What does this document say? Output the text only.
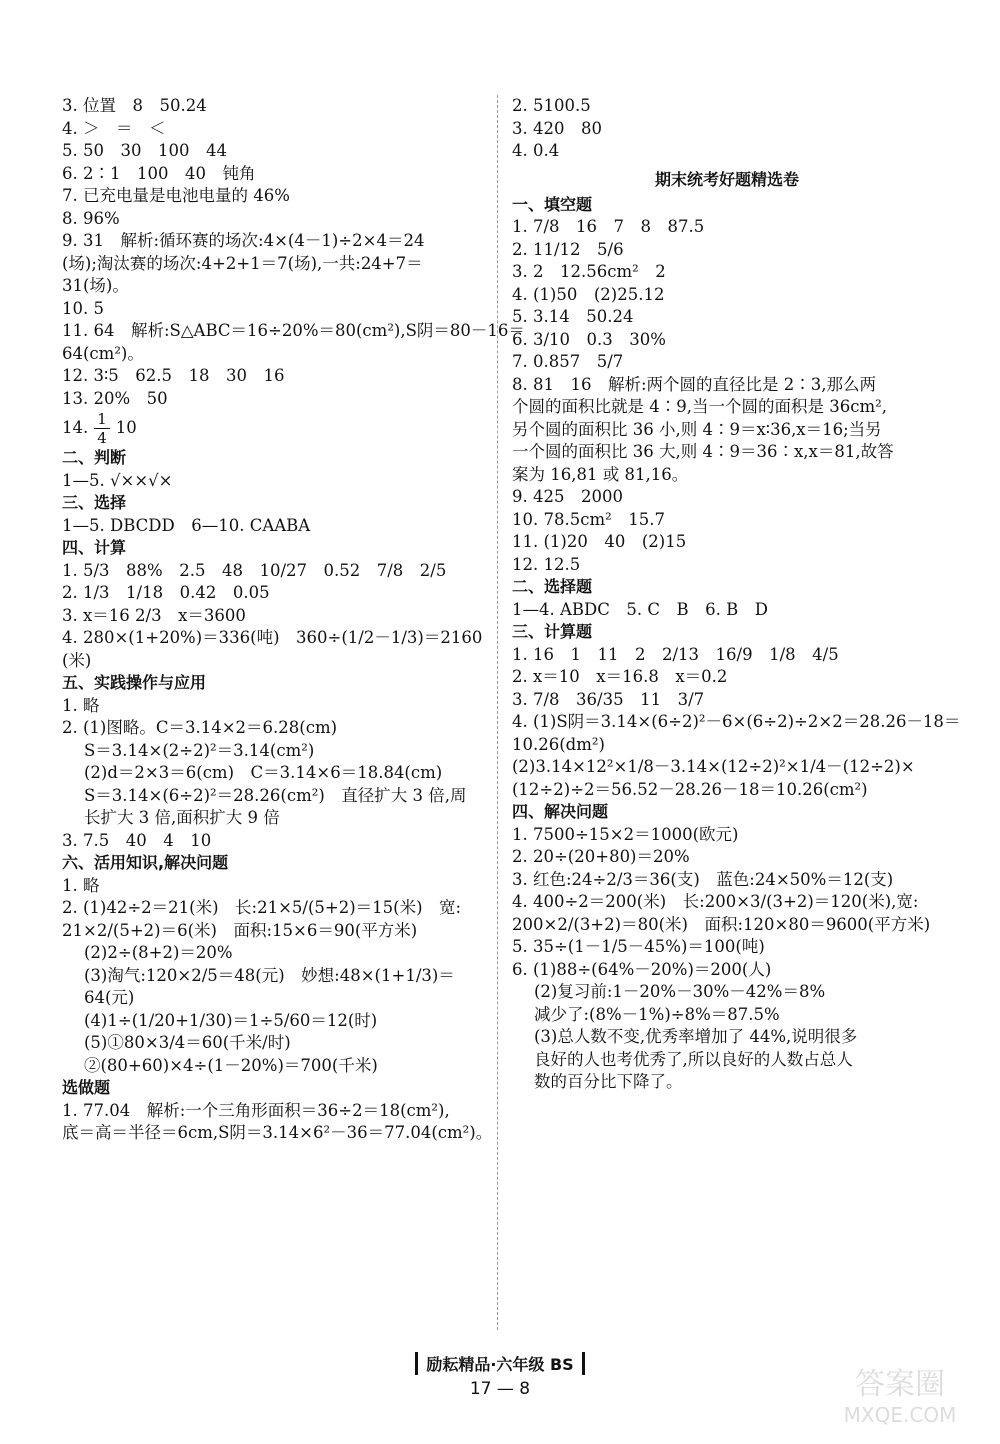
3. 位置　8　50.24
4. ＞　＝　＜
5. 50　30　100　44
6. 2∶1　100　40　钝角
7. 已充电量是电池电量的 46%
8. 96%
9. 31　解析:循环赛的场次:4×(4－1)÷2×4＝24
(场);淘汰赛的场次:4+2+1＝7(场),一共:24+7＝
31(场)。
10. 5
11. 64　解析:S△ABC＝16÷20%＝80(cm²),S阴＝80－16＝
64(cm²)。
12. 3∶5　62.5　18　30　16
13. 20%　50
14. $\frac{1}{4} 10$
二、判断
1—5. √××√×
三、选择
1—5. DBCDD　6—10. CAABA
四、计算
1. 5/3　88%　2.5　48　10/27　0.52　7/8　2/5
2. 1/3　1/18　0.42　0.05
3. x＝16 2/3　x＝3600
4. 280×(1+20%)＝336(吨)　360÷(1/2－1/3)＝2160
(米)
五、实践操作与应用
1. 略
2. (1)图略。C＝3.14×2＝6.28(cm)
S＝3.14×(2÷2)²＝3.14(cm²)
(2)d＝2×3＝6(cm)　C＝3.14×6＝18.84(cm)
S＝3.14×(6÷2)²＝28.26(cm²)　直径扩大 3 倍,周
长扩大 3 倍,面积扩大 9 倍
3. 7.5　40　4　10
六、活用知识,解决问题
1. 略
2. (1)42÷2＝21(米)　长:21×5/(5+2)＝15(米)　宽:
21×2/(5+2)＝6(米)　面积:15×6＝90(平方米)
(2)2÷(8+2)＝20%
(3)淘气:120×2/5＝48(元)　妙想:48×(1+1/3)＝
64(元)
(4)1÷(1/20+1/30)＝1÷5/60＝12(时)
(5)①80×3/4＝60(千米/时)
②(80+60)×4÷(1－20%)＝700(千米)
选做题
1. 77.04　解析:一个三角形面积＝36÷2＝18(cm²),
底＝高＝半径＝6cm,S阴＝3.14×6²－36＝77.04(cm²)。
2. 5100.5
3. 420　80
4. 0.4
期末统考好题精选卷
一、填空题
1. 7/8　16　7　8　87.5
2. 11/12　5/6
3. 2　12.56cm²　2
4. (1)50　(2)25.12
5. 3.14　50.24
6. 3/10　0.3　30%
7. 0.857　5/7
8. 81　16　解析:两个圆的直径比是 2∶3,那么两
个圆的面积比就是 4∶9,当一个圆的面积是 36cm²,
另个圆的面积比 36 小,则 4∶9＝x∶36,x＝16;当另
一个圆的面积比 36 大,则 4∶9＝36∶x,x＝81,故答
案为 16,81 或 81,16。
9. 425　2000
10. 78.5cm²　15.7
11. (1)20　40　(2)15
12. 12.5
二、选择题
1—4. ABDC　5. C　B　6. B　D
三、计算题
1. 16　1　11　2　2/13　16/9　1/8　4/5
2. x＝10　x＝16.8　x＝0.2
3. 7/8　36/35　11　3/7
4. (1)S阴＝3.14×(6÷2)²－6×(6÷2)÷2×2＝28.26－18＝
10.26(dm²)
(2)3.14×12²×1/8－3.14×(12÷2)²×1/4－(12÷2)×
(12÷2)÷2＝56.52－28.26－18＝10.26(cm²)
四、解决问题
1. 7500÷15×2＝1000(欧元)
2. 20÷(20+80)＝20%
3. 红色:24÷2/3＝36(支)　蓝色:24×50%＝12(支)
4. 400÷2＝200(米)　长:200×3/(3+2)＝120(米),宽:
200×2/(3+2)＝80(米)　面积:120×80＝9600(平方米)
5. 35÷(1－1/5－45%)＝100(吨)
6. (1)88÷(64%－20%)＝200(人)
(2)复习前:1－20%－30%－42%＝8%
减少了:(8%－1%)÷8%＝87.5%
(3)总人数不变,优秀率增加了 44%,说明很多
良好的人也考优秀了,所以良好的人数占总人
数的百分比下降了。
励耘精品·六年级 BS
17 — 8	答案圈
MXQE.COM
